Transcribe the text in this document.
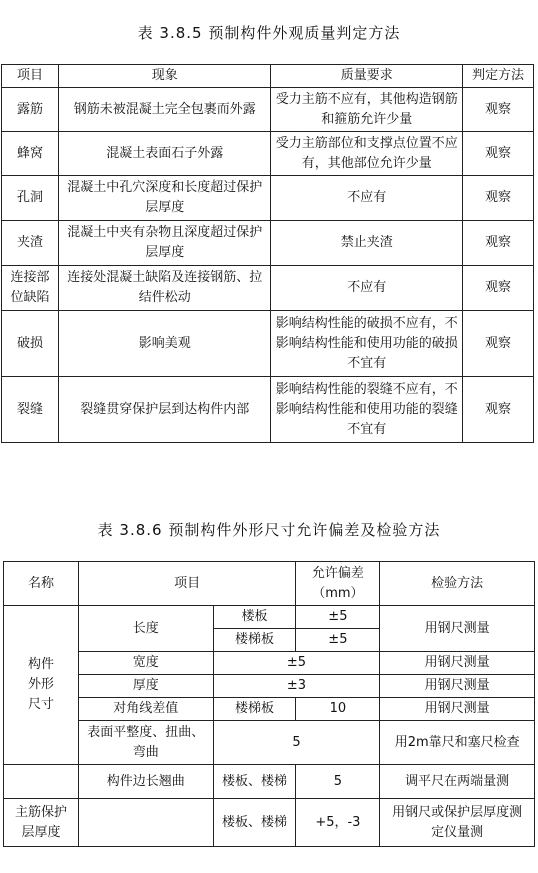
表 3.8.5 预制构件外观质量判定方法
项目	现象	质量要求	判定方法
露筋	钢筋未被混凝土完全包裹而外露	受力主筋不应有，其他构造钢筋和箍筋允许少量	观察
蜂窝	混凝土表面石子外露	受力主筋部位和支撑点位置不应有，其他部位允许少量	观察
孔洞	混凝土中孔穴深度和长度超过保护层厚度	不应有	观察
夹渣	混凝土中夹有杂物且深度超过保护层厚度	禁止夹渣	观察
连接部位缺陷	连接处混凝土缺陷及连接钢筋、拉结件松动	不应有	观察
破损	影响美观	影响结构性能的破损不应有，不影响结构性能和使用功能的破损不宜有	观察
裂缝	裂缝贯穿保护层到达构件内部	影响结构性能的裂缝不应有，不影响结构性能和使用功能的裂缝不宜有	观察
表 3.8.6 预制构件外形尺寸允许偏差及检验方法
名称	项目		允许偏差（mm）	检验方法
构件外形尺寸	长度	楼板	±5	用钢尺测量
		楼梯板	±5	
	宽度	±5		用钢尺测量
	厚度	±3		用钢尺测量
	对角线差值	楼梯板	10	用钢尺测量
	表面平整度、扭曲、弯曲	5		用2m靠尺和塞尺检查
	构件边长翘曲	楼板、楼梯	5	调平尺在两端量测
主筋保护层厚度		楼板、楼梯	+5，-3	用钢尺或保护层厚度测定仪量测
